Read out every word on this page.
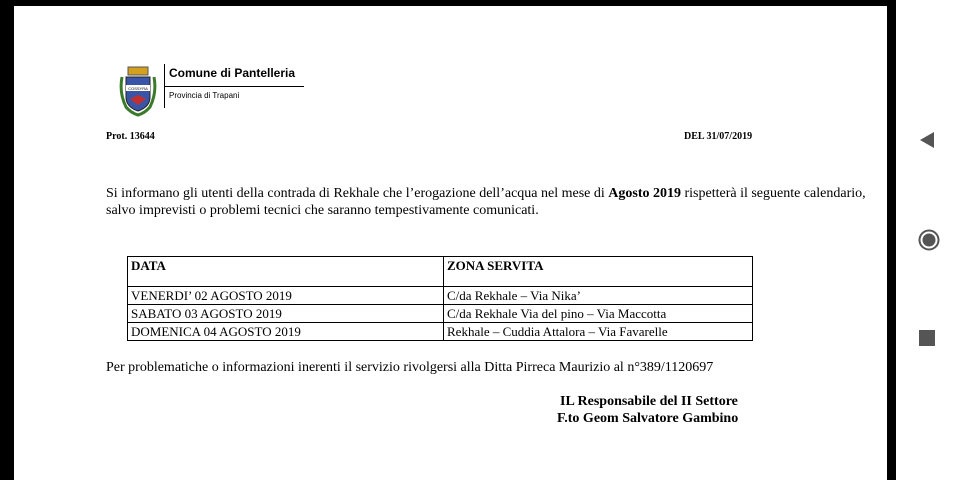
COSSYRA
Comune di Pantelleria
Provincia di Trapani
Prot. 13644	DEL 31/07/2019
Si informano gli utenti della contrada di Rekhale che l’erogazione dell’acqua nel mese di Agosto 2019 rispetterà il seguente calendario, salvo imprevisti o problemi tecnici che saranno tempestivamente comunicati.
DATA	ZONA SERVITA
VENERDI’ 02 AGOSTO 2019	C/da Rekhale – Via Nika’
SABATO 03 AGOSTO 2019	C/da Rekhale Via del pino – Via Maccotta
DOMENICA 04 AGOSTO 2019	Rekhale – Cuddia Attalora – Via Favarelle
Per problematiche o informazioni inerenti il servizio rivolgersi alla Ditta Pirreca Maurizio al n°389/1120697
IL Responsabile del II Settore
F.to Geom Salvatore Gambino
